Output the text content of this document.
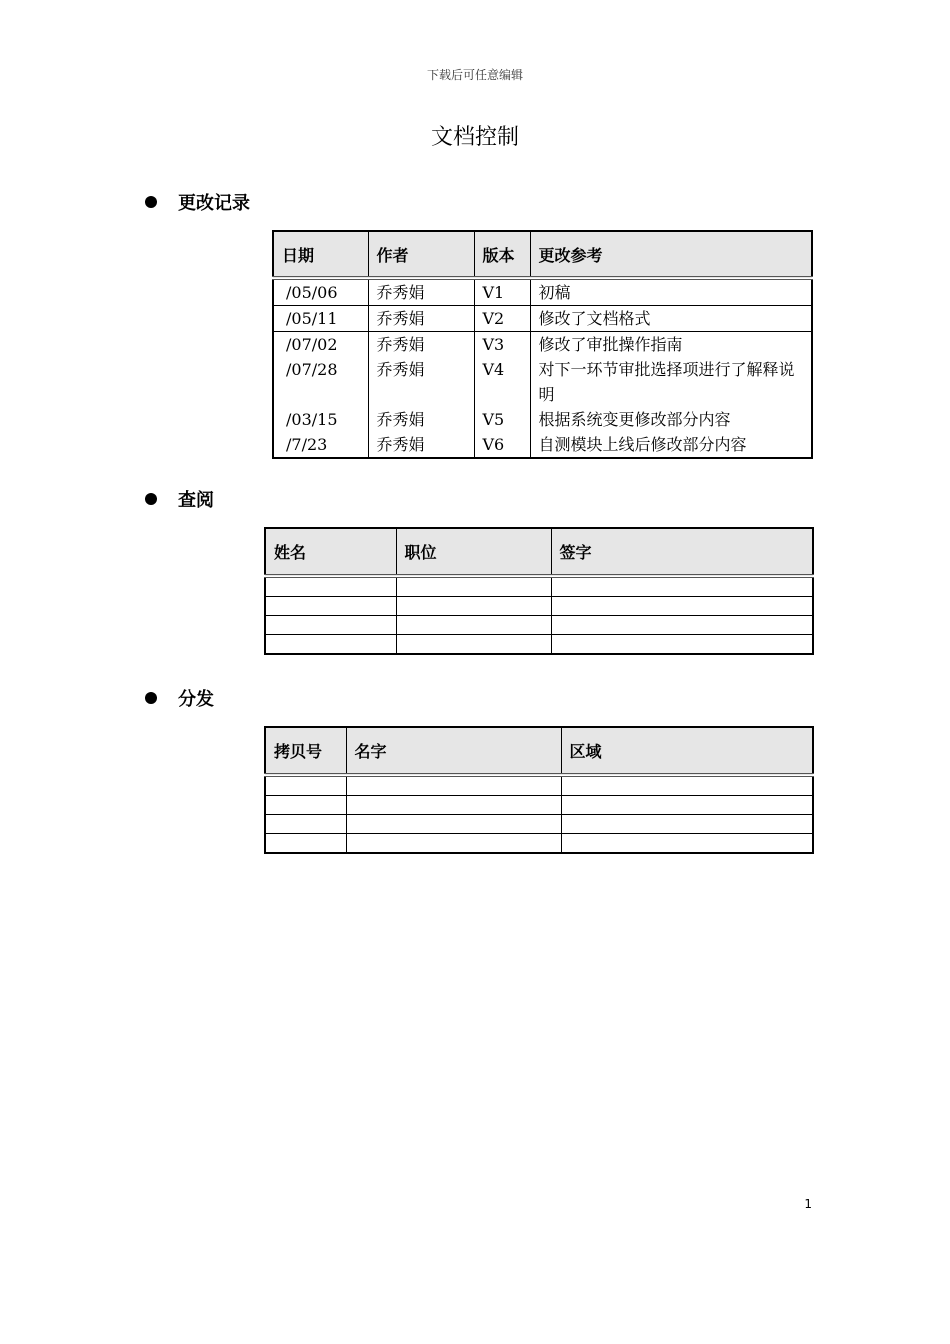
下载后可任意编辑
文档控制
更改记录
日期	作者	版本	更改参考
/05/06	乔秀娟	V1	初稿
/05/11	乔秀娟	V2	修改了文档格式
/07/02	乔秀娟	V3	修改了审批操作指南
/07/28	乔秀娟	V4	对下一环节审批选择项进行了解释说明
/03/15	乔秀娟	V5	根据系统变更修改部分内容
/7/23	乔秀娟	V6	自测模块上线后修改部分内容
查阅
姓名	职位	签字

分发
拷贝号	名字	区域

1
